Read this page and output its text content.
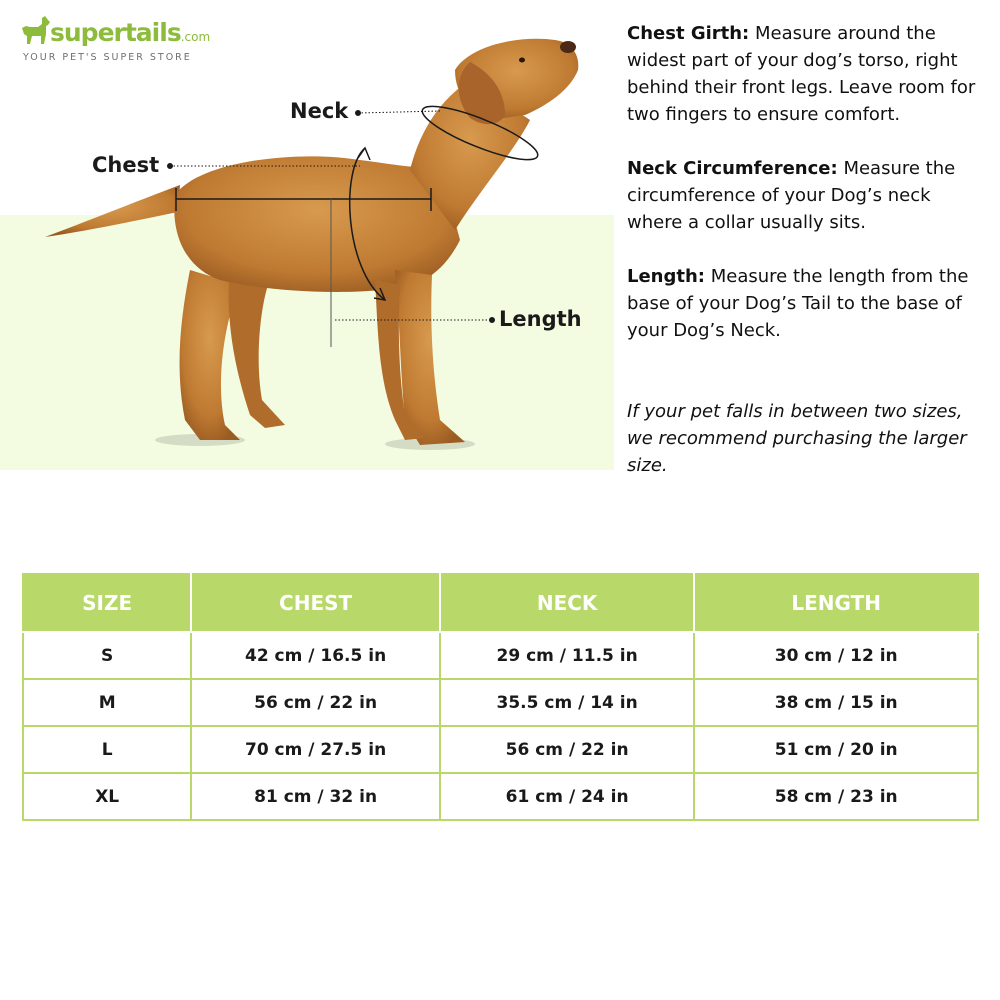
supertails.com
YOUR PET'S SUPER STORE
Neck
Chest
Length

Chest Girth: Measure around the widest part of your dog’s torso, right behind their front legs. Leave room for two fingers to ensure comfort.

Neck Circumference: Measure the circumference of your Dog’s neck where a collar usually sits.

Length: Measure the length from the base of your Dog’s Tail to the base of your Dog’s Neck.

If your pet falls in between two sizes, we recommend purchasing the larger size.

SIZE	CHEST	NECK	LENGTH
S	42 cm / 16.5 in	29 cm / 11.5 in	30 cm / 12 in
M	56 cm / 22 in	35.5 cm / 14 in	38 cm / 15 in
L	70 cm / 27.5 in	56 cm / 22 in	51 cm / 20 in
XL	81 cm / 32 in	61 cm / 24 in	58 cm / 23 in
